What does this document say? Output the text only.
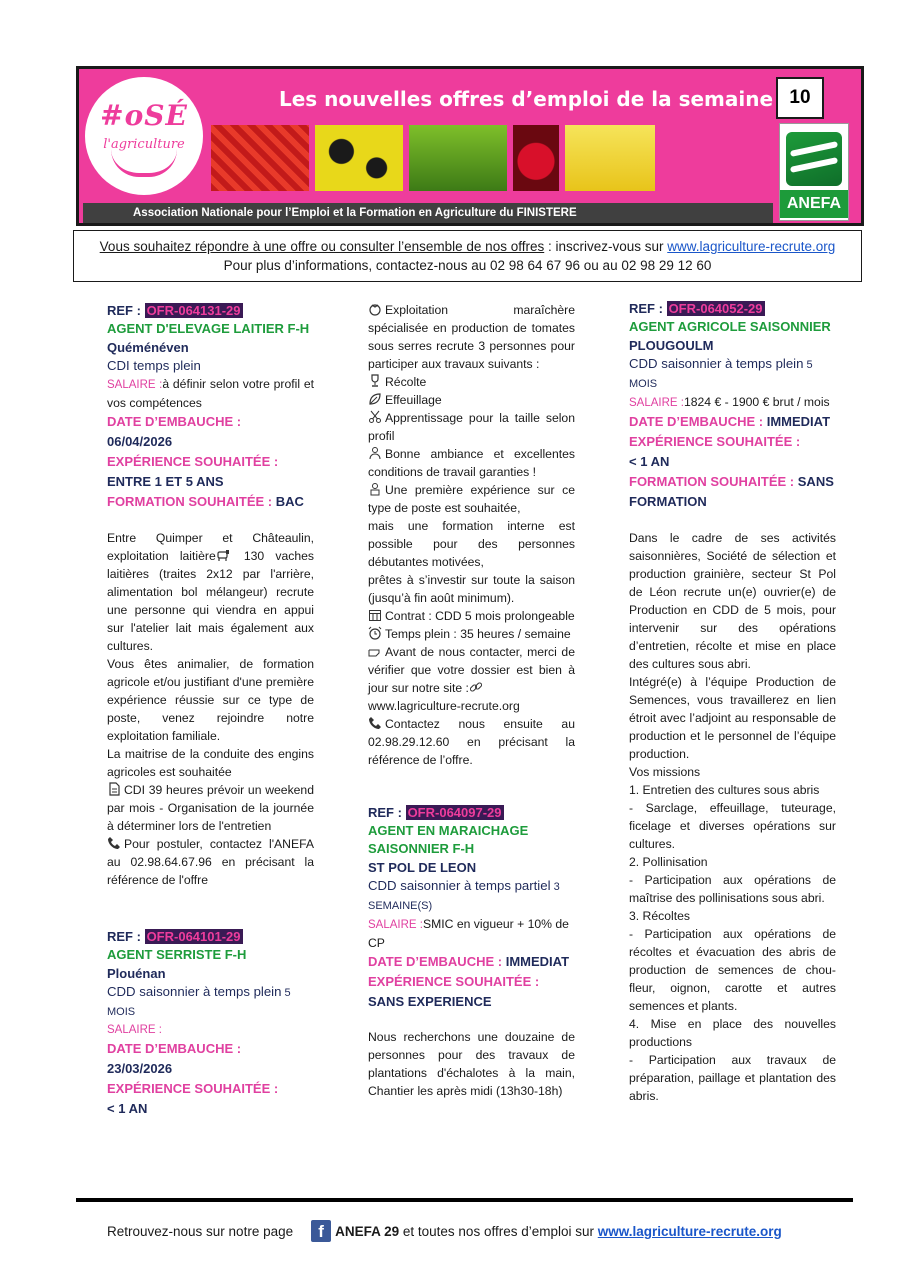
#oSÉ
l'agriculture
Les nouvelles offres d’emploi de la semaine 10
ANEFA
Association Nationale pour l’Emploi et la Formation en Agriculture du FINISTERE
Vous souhaitez répondre à une offre ou consulter l’ensemble de nos offres : inscrivez-vous sur www.lagriculture-recrute.org
Pour plus d’informations, contactez-nous au 02 98 64 67 96 ou au 02 98 29 12 60
REF : OFR-064131-29
AGENT D'ELEVAGE LAITIER F-H
Quéménéven
CDI temps plein
SALAIRE :à définir selon votre profil et vos compétences
DATE D’EMBAUCHE :
06/04/2026
EXPÉRIENCE SOUHAITÉE :
ENTRE 1 ET 5 ANS
FORMATION SOUHAITÉE : BAC
Entre Quimper et Châteaulin, exploitation laitière
130 vaches laitières (traites 2x12 par l'arrière, alimentation bol mélangeur) recrute une personne qui viendra en appui sur l'atelier lait mais également aux cultures.
Vous êtes animalier, de formation agricole et/ou justifiant d'une première expérience réussie sur ce type de poste, venez rejoindre notre exploitation familiale.
La maitrise de la conduite des engins agricoles est souhaitée
CDI 39 heures prévoir un weekend par mois - Organisation de la journée à déterminer lors de l'entretien
Pour postuler, contactez l'ANEFA au 02.98.64.67.96 en précisant la référence de l'offre
REF : OFR-064101-29
AGENT SERRISTE F-H
Plouénan
CDD saisonnier à temps plein 5 MOIS
SALAIRE :
DATE D’EMBAUCHE :
23/03/2026
EXPÉRIENCE SOUHAITÉE :
< 1 AN
Exploitation maraîchère spécialisée en production de tomates sous serres recrute 3 personnes pour participer aux travaux suivants :
Récolte
Effeuillage
Apprentissage pour la taille selon profil
Bonne ambiance et excellentes conditions de travail garanties !
Une première expérience sur ce type de poste est souhaitée,
mais une formation interne est possible pour des personnes débutantes motivées,
prêtes à s’investir sur toute la saison (jusqu’à fin août minimum).
Contrat : CDD 5 mois prolongeable
Temps plein : 35 heures / semaine
Avant de nous contacter, merci de vérifier que votre dossier est bien à jour sur notre site :
www.lagriculture-recrute.org
Contactez nous ensuite au 02.98.29.12.60 en précisant la référence de l’offre.
REF : OFR-064097-29
AGENT EN MARAICHAGE SAISONNIER F-H
ST POL DE LEON
CDD saisonnier à temps partiel 3 SEMAINE(S)
SALAIRE :SMIC en vigueur + 10% de CP
DATE D’EMBAUCHE : IMMEDIAT
EXPÉRIENCE SOUHAITÉE :
SANS EXPERIENCE
Nous recherchons une douzaine de personnes pour des travaux de plantations d'échalotes à la main, Chantier les après midi (13h30-18h)
REF : OFR-064052-29
AGENT AGRICOLE SAISONNIER
PLOUGOULM
CDD saisonnier à temps plein 5 MOIS
SALAIRE :1824 € - 1900 € brut / mois
DATE D’EMBAUCHE : IMMEDIAT
EXPÉRIENCE SOUHAITÉE :
< 1 AN
FORMATION SOUHAITÉE : SANS FORMATION
Dans le cadre de ses activités saisonnières, Société de sélection et production grainière, secteur St Pol de Léon recrute un(e) ouvrier(e) de Production en CDD de 5 mois, pour intervenir sur des opérations d’entretien, récolte et mise en place des cultures sous abri.
Intégré(e) à l’équipe Production de Semences, vous travaillerez en lien étroit avec l’adjoint au responsable de production et le personnel de l’équipe production.
Vos missions
1. Entretien des cultures sous abris
- Sarclage, effeuillage, tuteurage, ficelage et diverses opérations sur cultures.
2. Pollinisation
- Participation aux opérations de maîtrise des pollinisations sous abri.
3. Récoltes
- Participation aux opérations de récoltes et évacuation des abris de production de semences de chou-fleur, oignon, carotte et autres semences et plants.
4. Mise en place des nouvelles productions
- Participation aux travaux de préparation, paillage et plantation des abris.
Retrouvez-nous sur notre page f ANEFA 29 et toutes nos offres d’emploi sur www.lagriculture-recrute.org
